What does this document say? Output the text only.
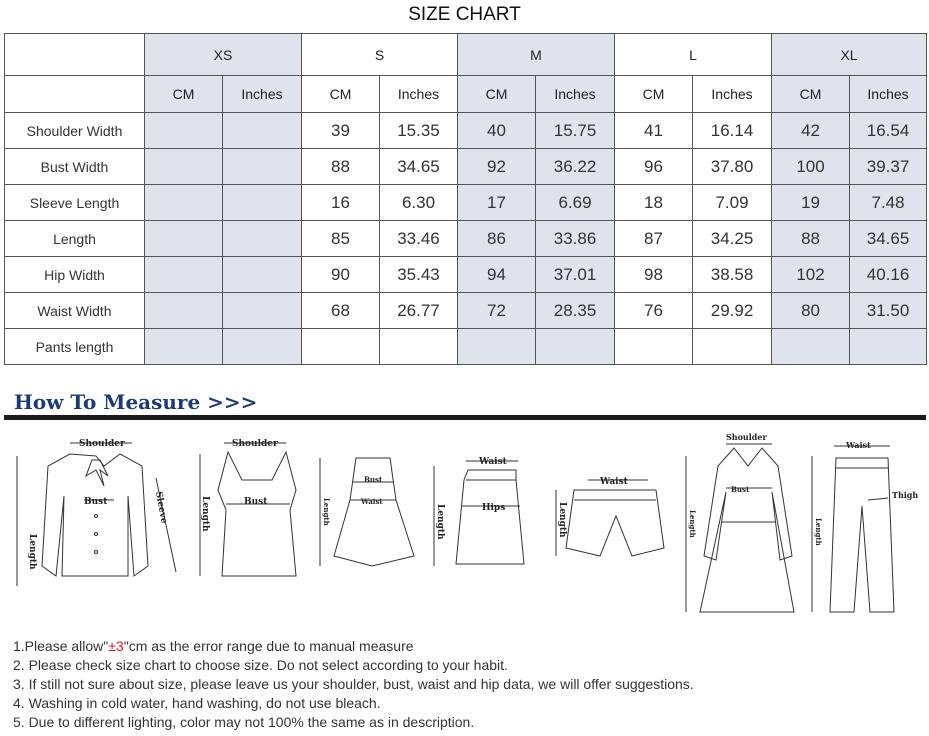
SIZE CHART
	XS		S		M		L		XL	
	CM	Inches	CM	Inches	CM	Inches	CM	Inches	CM	Inches
Shoulder Width			39	15.35	40	15.75	41	16.14	42	16.54
Bust Width			88	34.65	92	36.22	96	37.80	100	39.37
Sleeve Length			16	6.30	17	6.69	18	7.09	19	7.48
Length			85	33.46	86	33.86	87	34.25	88	34.65
Hip Width			90	35.43	94	37.01	98	38.58	102	40.16
Waist Width			68	26.77	72	28.35	76	29.92	80	31.50
Pants length										
How To Measure >>>
Shoulder
Length
Bust	Sleeve
Shoulder
Length	Bust	Length
Bust
Waist
Length
Waist
Hips	Length
Waist
Length
Shoulder
Bust
Length
Waist
Thigh
1.Please allow"±3"cm as the error range due to manual measure
2. Please check size chart to choose size. Do not select according to your habit.
3. If still not sure about size, please leave us your shoulder, bust, waist and hip data, we will offer suggestions.
4. Washing in cold water, hand washing, do not use bleach.
5. Due to different lighting, color may not 100% the same as in description.
